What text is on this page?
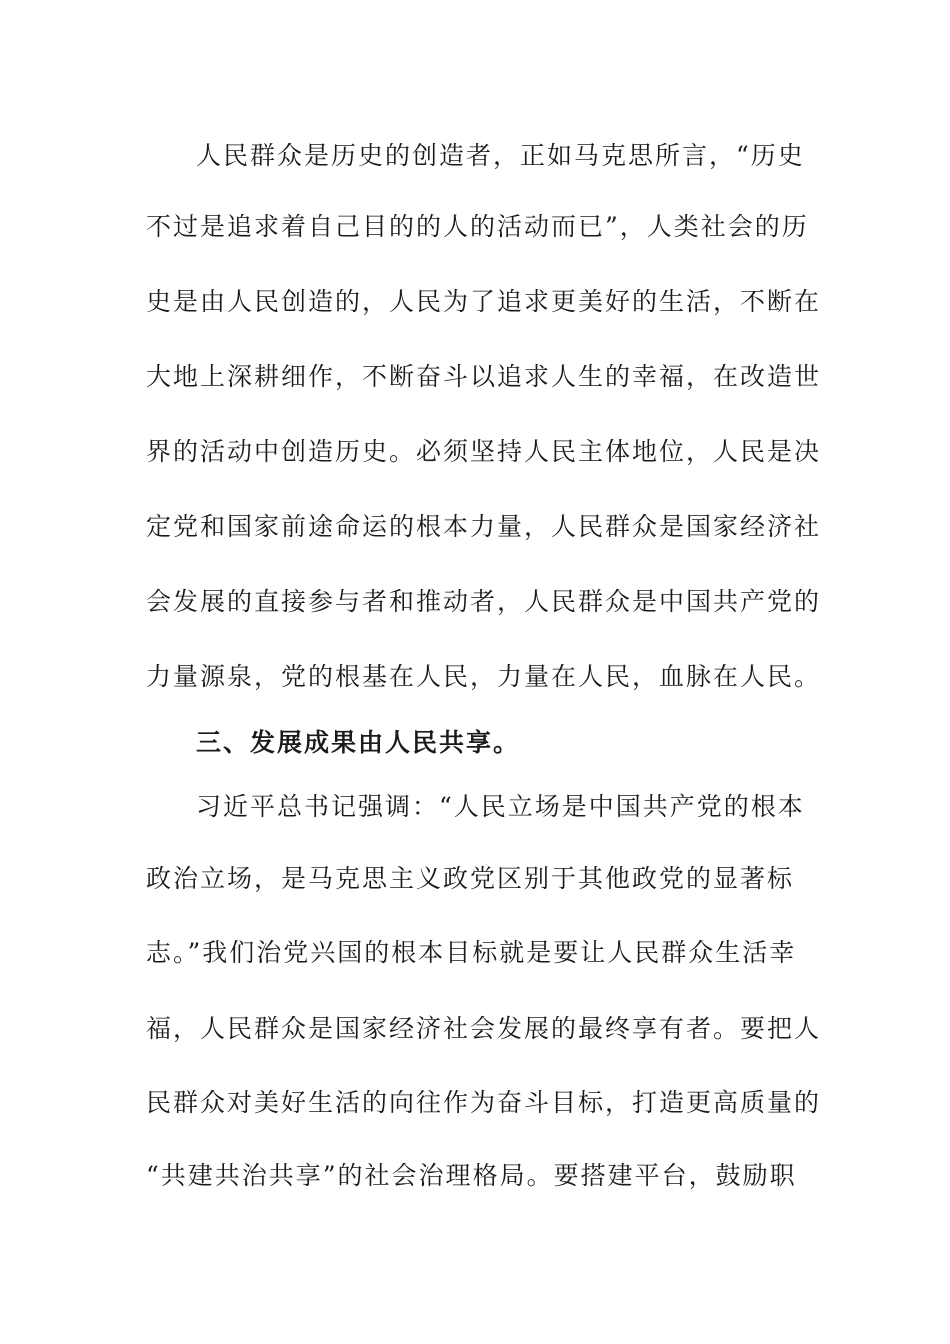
人民群众是历史的创造者，正如马克思所言，“历史
不过是追求着自己目的的人的活动而已”，人类社会的历
史是由人民创造的，人民为了追求更美好的生活，不断在
大地上深耕细作，不断奋斗以追求人生的幸福，在改造世
界的活动中创造历史。必须坚持人民主体地位，人民是决
定党和国家前途命运的根本力量，人民群众是国家经济社
会发展的直接参与者和推动者，人民群众是中国共产党的
力量源泉，党的根基在人民，力量在人民，血脉在人民。
三、发展成果由人民共享。
习近平总书记强调：“人民立场是中国共产党的根本
政治立场，是马克思主义政党区别于其他政党的显著标
志。”我们治党兴国的根本目标就是要让人民群众生活幸
福，人民群众是国家经济社会发展的最终享有者。要把人
民群众对美好生活的向往作为奋斗目标，打造更高质量的
“共建共治共享”的社会治理格局。要搭建平台，鼓励职
